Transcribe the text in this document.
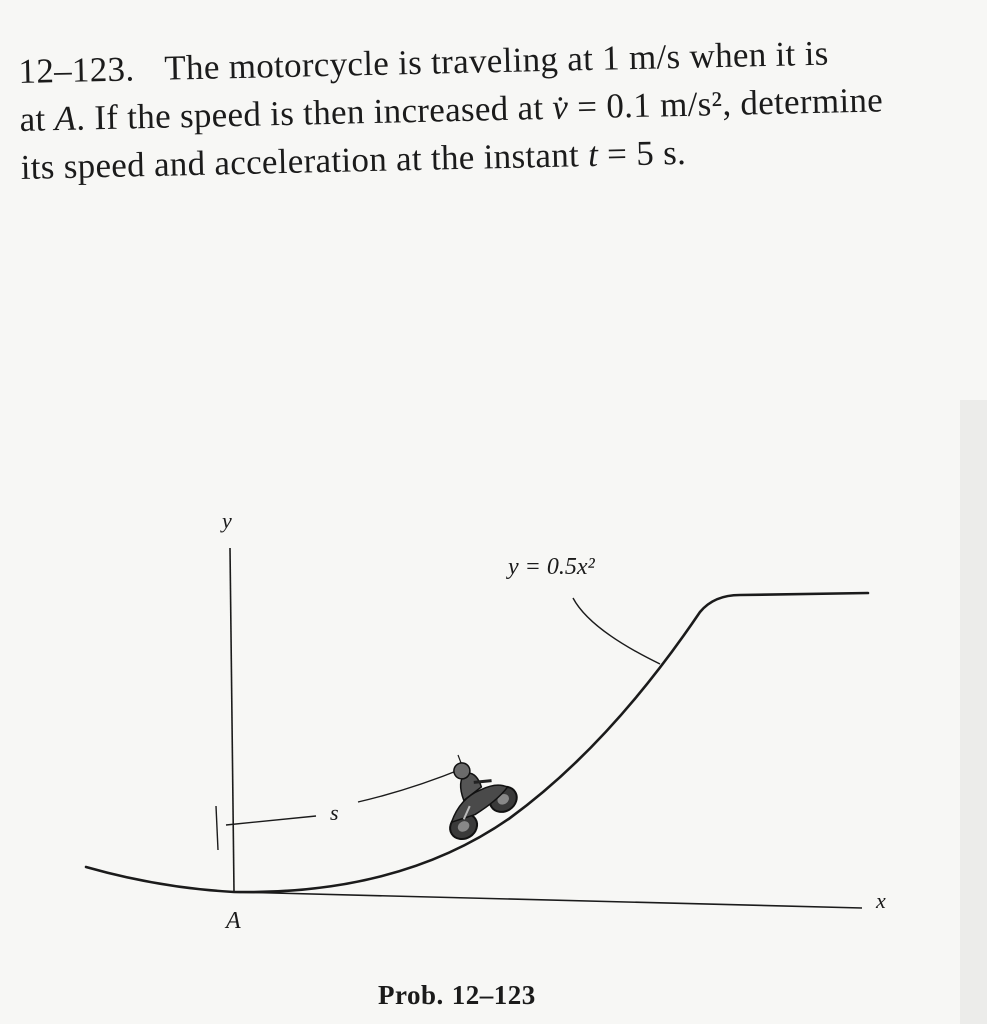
12–123. The motorcycle is traveling at 1 m/s when it is
at A. If the speed is then increased at v̇ = 0.1 m/s², determine
its speed and acceleration at the instant t = 5 s.
y
x
y = 0.5x²
s
A
Prob. 12–123
